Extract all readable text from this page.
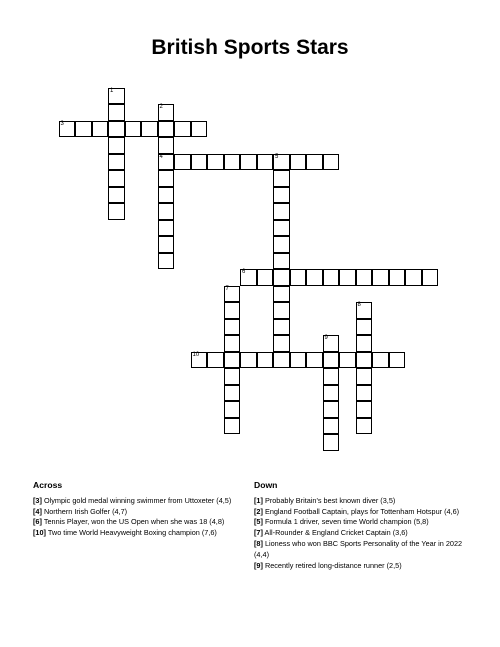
British Sports Stars
1
2
4
3
5
6
7
8
9
10
Across

[3] Olympic gold medal winning swimmer from Uttoxeter (4,5)

[4] Northern Irish Golfer (4,7)

[6] Tennis Player, won the US Open when she was 18 (4,8)

[10] Two time World Heavyweight Boxing champion (7,6)

Down

[1] Probably Britain's best known diver (3,5)

[2] England Football Captain, plays for Tottenham Hotspur (4,6)

[5] Formula 1 driver, seven time World champion (5,8)

[7] All-Rounder & England Cricket Captain (3,6)

[8] Lioness who won BBC Sports Personality of the Year in 2022 (4,4)

[9] Recently retired long-distance runner (2,5)
